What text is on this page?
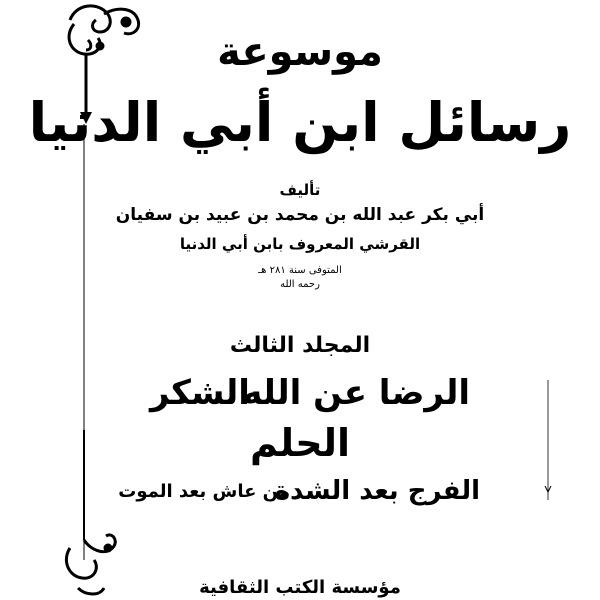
موسوعة
رسائل ابن أبي الدنيا

تأليف

أبي بكر عبد الله بن محمد بن عبيد بن سفيان

القرشي المعروف بابن أبي الدنيا

المتوفى سنة ٢٨١ هـ

رحمه الله

المجلد الثالث

الرضا عن الله

الشكر

الحلم

الفرج بعد الشدة

من عاش بعد الموت

مؤسسة الكتب الثقافية
